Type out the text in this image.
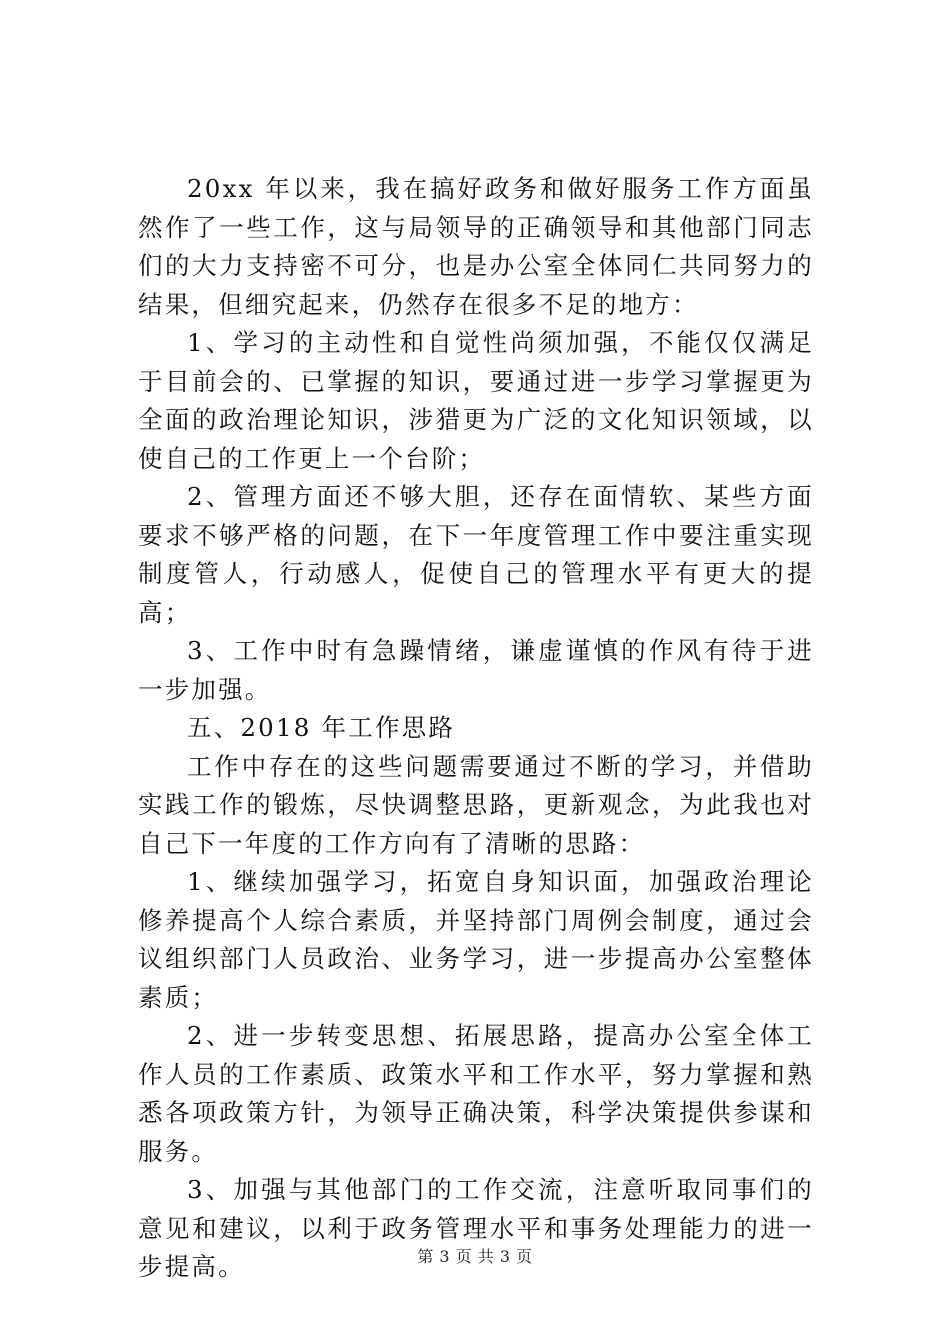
20xx 年以来，我在搞好政务和做好服务工作方面虽然作了一些工作，这与局领导的正确领导和其他部门同志们的大力支持密不可分，也是办公室全体同仁共同努力的结果，但细究起来，仍然存在很多不足的地方：

1、学习的主动性和自觉性尚须加强，不能仅仅满足于目前会的、已掌握的知识，要通过进一步学习掌握更为全面的政治理论知识，涉猎更为广泛的文化知识领域，以使自己的工作更上一个台阶；

2、管理方面还不够大胆，还存在面情软、某些方面要求不够严格的问题，在下一年度管理工作中要注重实现制度管人，行动感人，促使自己的管理水平有更大的提高；

3、工作中时有急躁情绪，谦虚谨慎的作风有待于进一步加强。

五、2018 年工作思路

工作中存在的这些问题需要通过不断的学习，并借助实践工作的锻炼，尽快调整思路，更新观念，为此我也对自己下一年度的工作方向有了清晰的思路：

1、继续加强学习，拓宽自身知识面，加强政治理论修养提高个人综合素质，并坚持部门周例会制度，通过会议组织部门人员政治、业务学习，进一步提高办公室整体素质；

2、进一步转变思想、拓展思路，提高办公室全体工作人员的工作素质、政策水平和工作水平，努力掌握和熟悉各项政策方针，为领导正确决策，科学决策提供参谋和服务。

3、加强与其他部门的工作交流，注意听取同事们的意见和建议，以利于政务管理水平和事务处理能力的进一步提高。	第 3 页 共 3 页
